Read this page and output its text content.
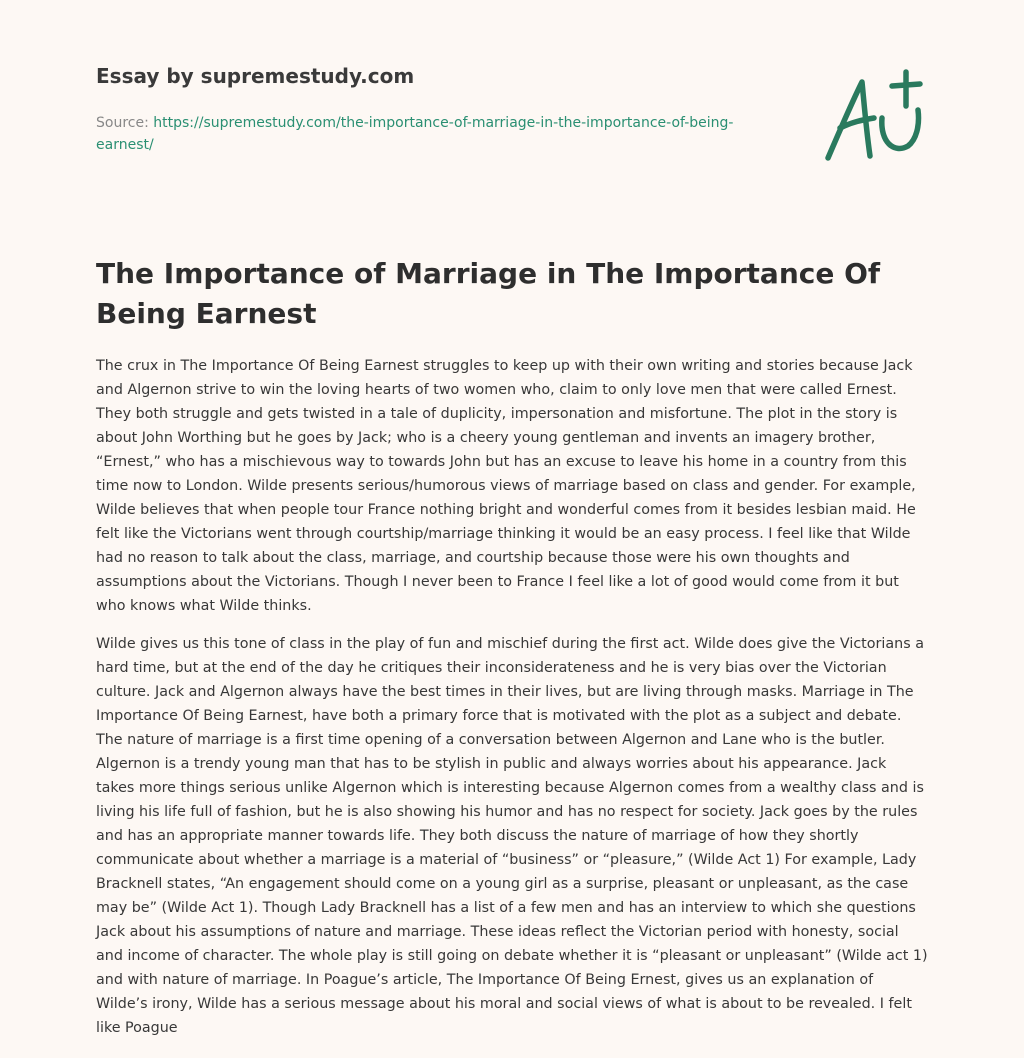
Essay by supremestudy.com
Source: https://supremestudy.com/the-importance-of-marriage-in-the-importance-of-being-earnest/
The Importance of Marriage in The Importance Of Being Earnest

The crux in The Importance Of Being Earnest struggles to keep up with their own writing and stories because Jack and Algernon strive to win the loving hearts of two women who, claim to only love men that were called Ernest. They both struggle and gets twisted in a tale of duplicity, impersonation and misfortune. The plot in the story is about John Worthing but he goes by Jack; who is a cheery young gentleman and invents an imagery brother, “Ernest,” who has a mischievous way to towards John but has an excuse to leave his home in a country from this time now to London. Wilde presents serious/humorous views of marriage based on class and gender. For example, Wilde believes that when people tour France nothing bright and wonderful comes from it besides lesbian maid. He felt like the Victorians went through courtship/marriage thinking it would be an easy process. I feel like that Wilde had no reason to talk about the class, marriage, and courtship because those were his own thoughts and assumptions about the Victorians. Though I never been to France I feel like a lot of good would come from it but who knows what Wilde thinks.

Wilde gives us this tone of class in the play of fun and mischief during the first act. Wilde does give the Victorians a hard time, but at the end of the day he critiques their inconsiderateness and he is very bias over the Victorian culture. Jack and Algernon always have the best times in their lives, but are living through masks. Marriage in The Importance Of Being Earnest, have both a primary force that is motivated with the plot as a subject and debate. The nature of marriage is a first time opening of a conversation between Algernon and Lane who is the butler. Algernon is a trendy young man that has to be stylish in public and always worries about his appearance. Jack takes more things serious unlike Algernon which is interesting because Algernon comes from a wealthy class and is living his life full of fashion, but he is also showing his humor and has no respect for society. Jack goes by the rules and has an appropriate manner towards life. They both discuss the nature of marriage of how they shortly communicate about whether a marriage is a material of “business” or “pleasure,” (Wilde Act 1) For example, Lady Bracknell states, “An engagement should come on a young girl as a surprise, pleasant or unpleasant, as the case may be” (Wilde Act 1). Though Lady Bracknell has a list of a few men and has an interview to which she questions Jack about his assumptions of nature and marriage. These ideas reflect the Victorian period with honesty, social and income of character. The whole play is still going on debate whether it is “pleasant or unpleasant” (Wilde act 1) and with nature of marriage. In Poague’s article, The Importance Of Being Ernest, gives us an explanation of Wilde’s irony, Wilde has a serious message about his moral and social views of what is about to be revealed. I felt like Poague
